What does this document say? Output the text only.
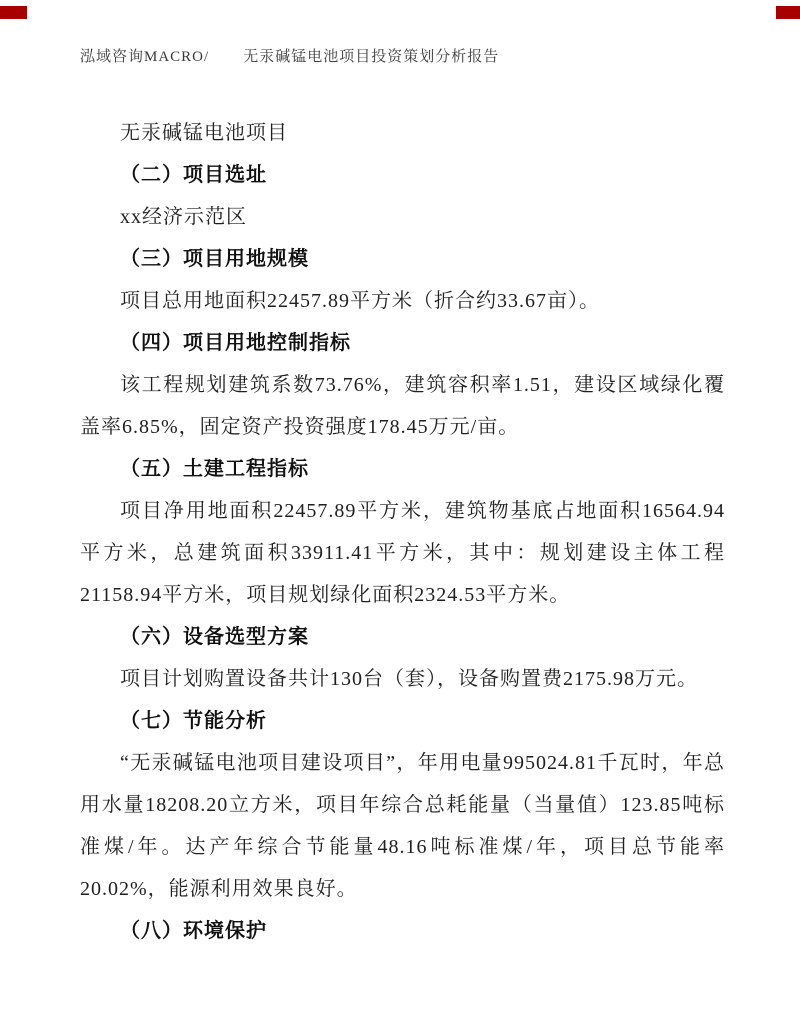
泓域咨询MACRO/ 无汞碱锰电池项目投资策划分析报告

无汞碱锰电池项目

（二）项目选址

xx经济示范区

（三）项目用地规模

项目总用地面积22457.89平方米（折合约33.67亩）。

（四）项目用地控制指标

该工程规划建筑系数73.76%，建筑容积率1.51，建设区域绿化覆盖率6.85%，固定资产投资强度178.45万元/亩。

（五）土建工程指标

项目净用地面积22457.89平方米，建筑物基底占地面积16564.94平方米，总建筑面积33911.41平方米，其中：规划建设主体工程21158.94平方米，项目规划绿化面积2324.53平方米。

（六）设备选型方案

项目计划购置设备共计130台（套），设备购置费2175.98万元。

（七）节能分析

“无汞碱锰电池项目建设项目”，年用电量995024.81千瓦时，年总用水量18208.20立方米，项目年综合总耗能量（当量值）123.85吨标准煤/年。达产年综合节能量48.16吨标准煤/年，项目总节能率20.02%，能源利用效果良好。

（八）环境保护
